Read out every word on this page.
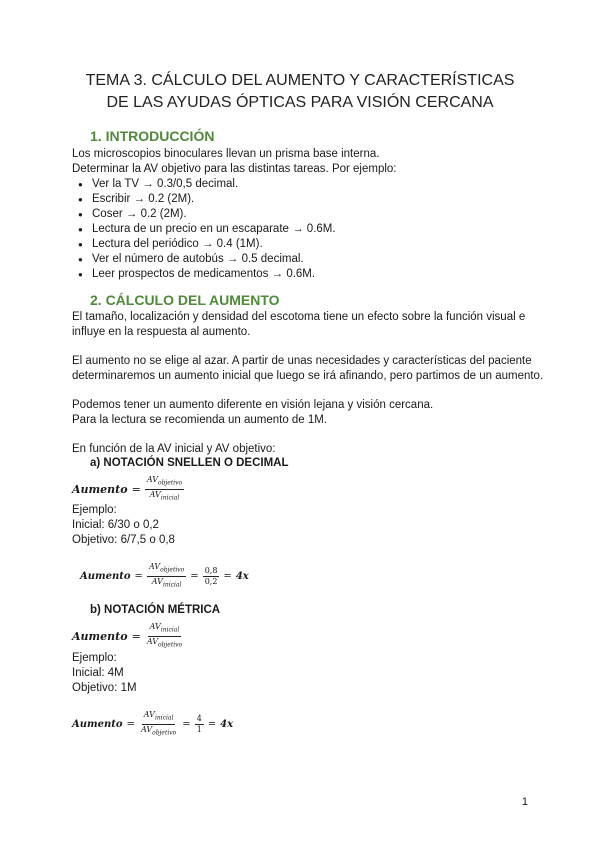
TEMA 3. CÁLCULO DEL AUMENTO Y CARACTERÍSTICAS
DE LAS AYUDAS ÓPTICAS PARA VISIÓN CERCANA
1. INTRODUCCIÓN
Los microscopios binoculares llevan un prisma base interna.
Determinar la AV objetivo para las distintas tareas. Por ejemplo:
● Ver la TV → 0.3/0,5 decimal.
● Escribir → 0.2 (2M).
● Coser → 0.2 (2M).
● Lectura de un precio en un escaparate → 0.6M.
● Lectura del periódico → 0.4 (1M).
● Ver el número de autobús → 0.5 decimal.
● Leer prospectos de medicamentos → 0.6M.
2. CÁLCULO DEL AUMENTO
El tamaño, localización y densidad del escotoma tiene un efecto sobre la función visual e
influye en la respuesta al aumento.
El aumento no se elige al azar. A partir de unas necesidades y características del paciente
determinaremos un aumento inicial que luego se irá afinando, pero partimos de un aumento.
Podemos tener un aumento diferente en visión lejana y visión cercana.
Para la lectura se recomienda un aumento de 1M.
En función de la AV inicial y AV objetivo:
a) NOTACIÓN SNELLEN O DECIMAL
Aumento = $\frac{AV_{objetivo}}{AV_{inicial}}$
Ejemplo:
Inicial: 6/30 o 0,2
Objetivo: 6/7,5 o 0,8
Aumento = $\frac{AV_{objetivo}}{AV_{inicial}} = \frac{0,8}{0,2} = 4x$
b) NOTACIÓN MÉTRICA
Aumento = $\frac{AV_{inicial}}{AV_{objetivo}}$
Ejemplo:
Inicial: 4M
Objetivo: 1M
Aumento = $\frac{AV_{inicial}}{AV_{objetivo}} = \frac{4}{1} = 4x$
1
